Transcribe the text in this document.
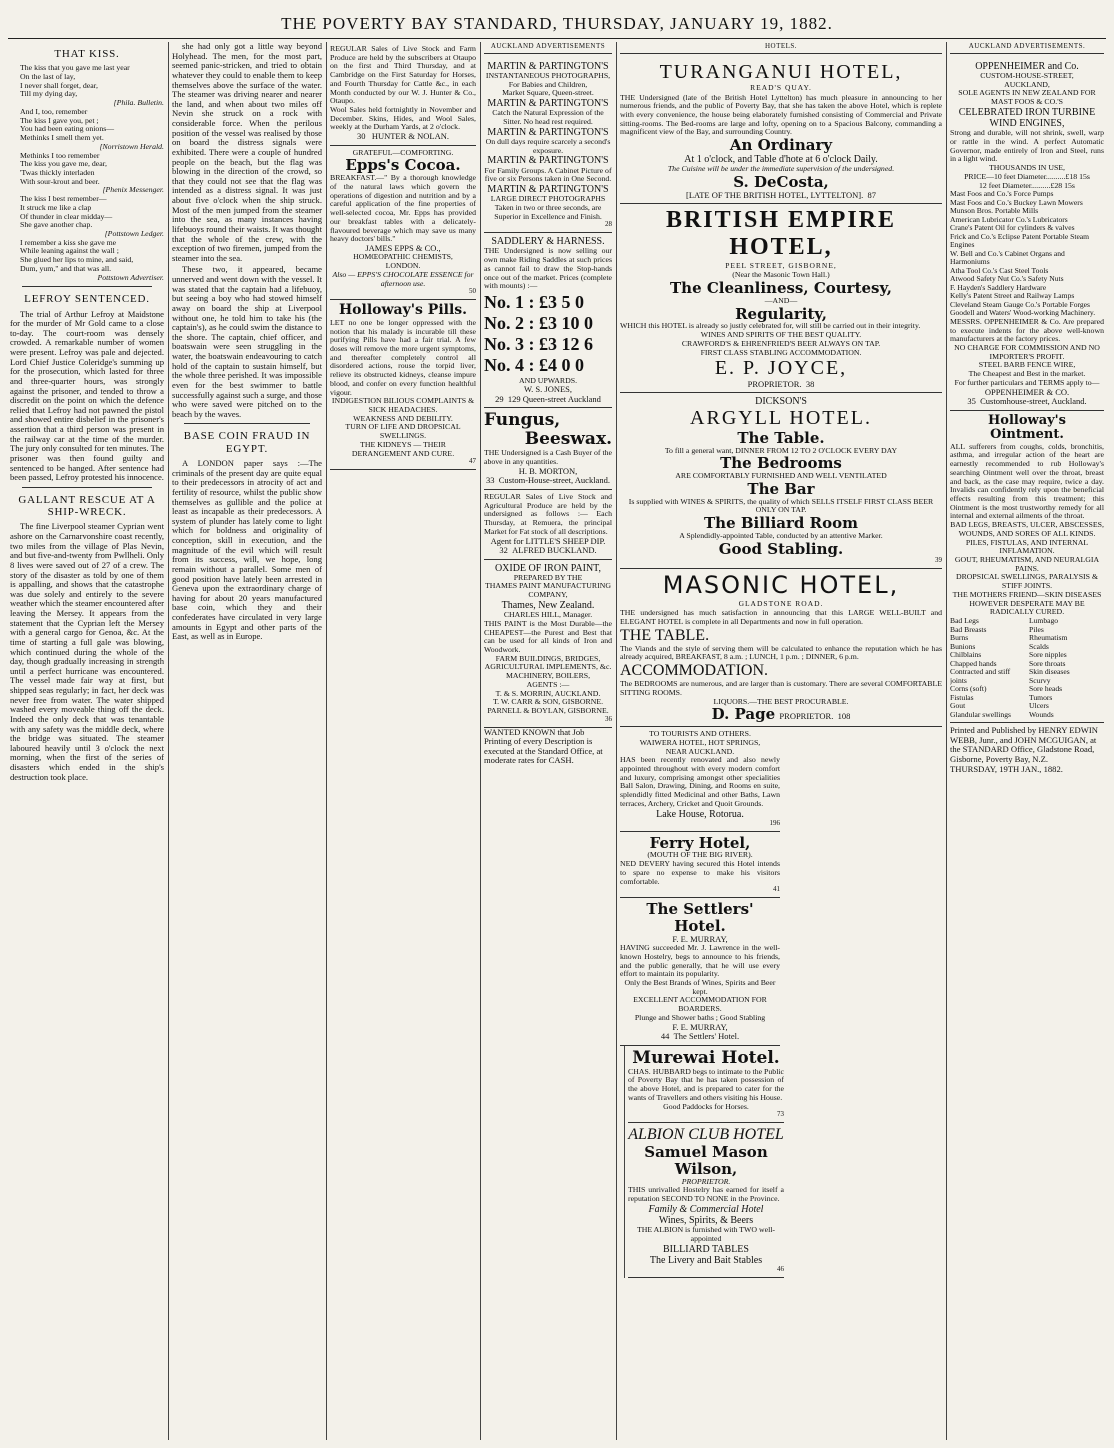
THE POVERTY BAY STANDARD, THURSDAY, JANUARY 19, 1882.
THAT KISS.
The kiss that you gave me last year
On the last of lay,
I never shall forget, dear,
Till my dying day,
[Phila. Bulletin.
And I, too, remember
The kiss I gave you, pet ;
You had been eating onions—
Methinks I smell them yet.
[Norristown Herald.
Methinks I too remember
The kiss you gave me, dear,
'Twas thickly interladen
With sour-krout and beer.
[Phenix Messenger.
The kiss I best remember—
It struck me like a clap
Of thunder in clear midday—
She gave another chap.
[Pottstown Ledger.
I remember a kiss she gave me
While leaning against the wall ;
She glued her lips to mine, and said,
Dum, yum," and that was all.
Pottstown Advertiser.
LEFROY SENTENCED.
The trial of Arthur Lefroy at Maidstone for the murder of Mr Gold came to a close to-day. The court-room was densely crowded. A remarkable number of women were present. Lefroy was pale and dejected. Lord Chief Justice Coleridge's summing up for the prosecution, which lasted for three and three-quarter hours, was strongly against the prisoner, and tended to throw a discredit on the point on which the defence relied that Lefroy had not pawned the pistol and showed entire disbelief in the prisoner's assertion that a third person was present in the railway car at the time of the murder. The jury only consulted for ten minutes. The prisoner was then found guilty and sentenced to be hanged. After sentence had been passed, Lefroy protested his innocence.
GALLANT RESCUE AT A SHIP-WRECK.
The fine Liverpool steamer Cyprian went ashore on the Carnarvonshire coast recently, two miles from the village of Plas Nevin, and but five-and-twenty from Pwllheli. Only 8 lives were saved out of 27 of a crew. The story of the disaster as told by one of them is appalling, and shows that the catastrophe was due solely and entirely to the severe weather which the steamer encountered after leaving the Mersey. It appears from the statement that the Cyprian left the Mersey with a general cargo for Genoa, &c. At the time of starting a full gale was blowing, which continued during the whole of the day, though gradually increasing in strength until a perfect hurricane was encountered. The vessel made fair way at first, but shipped seas regularly; in fact, her deck was never free from water. The water shipped washed every moveable thing off the deck. Indeed the only deck that was tenantable with any safety was the middle deck, where the bridge was situated. The steamer laboured heavily until 3 o'clock the next morning, when the first of the series of disasters which ended in the ship's destruction took place.
she had only got a little way beyond Holyhead. The men, for the most part, seemed panic-stricken, and tried to obtain whatever they could to enable them to keep themselves above the surface of the water. The steamer was driving nearer and nearer the land, and when about two miles off Nevin she struck on a rock with considerable force. When the perilous position of the vessel was realised by those on board the distress signals were exhibited. There were a couple of hundred people on the beach, but the flag was blowing in the direction of the crowd, so that they could not see that the flag was intended as a distress signal. It was just about five o'clock when the ship struck. Most of the men jumped from the steamer into the sea, as many instances having lifebuoys round their waists. It was thought that the whole of the crew, with the exception of two firemen, jumped from the steamer into the sea.
These two, it appeared, became unnerved and went down with the vessel. It was stated that the captain had a lifebuoy, but seeing a boy who had stowed himself away on board the ship at Liverpool without one, he told him to take his (the captain's), as he could swim the distance to the shore. The captain, chief officer, and boatswain were seen struggling in the water, the boatswain endeavouring to catch hold of the captain to sustain himself, but the whole three perished. It was impossible even for the best swimmer to battle successfully against such a surge, and those who were saved were pitched on to the beach by the waves.
BASE COIN FRAUD IN EGYPT.
A LONDON paper says :—The criminals of the present day are quite equal to their predecessors in atrocity of act and fertility of resource, whilst the public show themselves as gullible and the police at least as incapable as their predecessors. A system of plunder has lately come to light which for boldness and originality of conception, skill in execution, and the magnitude of the evil which will result from its success, will, we hope, long remain without a parallel. Some men of good position have lately been arrested in Geneva upon the extraordinary charge of having for about 20 years manufactured base coin, which they and their confederates have circulated in very large amounts in Egypt and other parts of the East, as well as in Europe.
REGULAR Sales of Live Stock and Farm Produce are held by the subscribers at Otaupo on the first and Third Thursday, and at Cambridge on the First Saturday for Horses, and Fourth Thursday for Cattle &c., in each Month conducted by our W. J. Hunter & Co., Otaupo.
Wool Sales held fortnightly in November and December. Skins, Hides, and Wool Sales, weekly at the Durham Yards, at 2 o'clock.
30 HUNTER & NOLAN.
GRATEFUL—COMFORTING.
Epps's Cocoa.
BREAKFAST.—" By a thorough knowledge of the natural laws which govern the operations of digestion and nutrition and by a careful application of the fine properties of well-selected cocoa, Mr. Epps has provided our breakfast tables with a delicately-flavoured beverage which may save us many heavy doctors' bills."
JAMES EPPS & CO.,
HOMŒOPATHIC CHEMISTS,
LONDON.
Also — EPPS'S CHOCOLATE ESSENCE for afternoon use.
50
Holloway's Pills.
LET no one be longer oppressed with the notion that his malady is incurable till these purifying Pills have had a fair trial. A few doses will remove the more urgent symptoms, and thereafter completely control all disordered actions, rouse the torpid liver, relieve its obstructed kidneys, cleanse impure blood, and confer on every function healthful vigour.
INDIGESTION BILIOUS COMPLAINTS & SICK HEADACHES.
WEAKNESS AND DEBILITY.
TURN OF LIFE AND DROPSICAL SWELLINGS.
THE KIDNEYS — THEIR DERANGEMENT AND CURE.
47
AUCKLAND ADVERTISEMENTS
MARTIN & PARTINGTON'S
INSTANTANEOUS PHOTOGRAPHS,
For Babies and Children,
Market Square, Queen-street.
MARTIN & PARTINGTON'S
Catch the Natural Expression of the Sitter. No head rest required.
MARTIN & PARTINGTON'S
On dull days require scarcely a second's exposure.
MARTIN & PARTINGTON'S
For Family Groups. A Cabinet Picture of five or six Persons taken in One Second.
MARTIN & PARTINGTON'S
LARGE DIRECT PHOTOGRAPHS Taken in two or three seconds, are Superior in Excellence and Finish.
28
SADDLERY & HARNESS.
THE Undersigned is now selling our own make Riding Saddles at such prices as cannot fail to draw the Stop-hands once out of the market. Prices (complete with mounts) :—
No. 1 : £3 5 0
No. 2 : £3 10 0
No. 3 : £3 12 6
No. 4 : £4 0 0
AND UPWARDS.
W. S. JONES,
29 129 Queen-street Auckland
Fungus,
Beeswax.
THE Undersigned is a Cash Buyer of the above in any quantities.
H. B. MORTON,
33 Custom-House-street, Auckland.
REGULAR Sales of Live Stock and Agricultural Produce are held by the undersigned as follows :— Each Thursday, at Remuera, the principal Market for Fat stock of all descriptions.
Agent for LITTLE'S SHEEP DIP.
32 ALFRED BUCKLAND.
OXIDE OF IRON PAINT,
PREPARED BY THE
THAMES PAINT MANUFACTURING COMPANY,
Thames, New Zealand.
CHARLES HILL, Manager.
THIS PAINT is the Most Durable—the CHEAPEST—the Purest and Best that can be used for all kinds of Iron and Woodwork.
FARM BUILDINGS, BRIDGES, AGRICULTURAL IMPLEMENTS, &c. MACHINERY, BOILERS,
AGENTS :—
T. & S. MORRIN, AUCKLAND.
T. W. CARR & SON, GISBORNE.
PARNELL & BOYLAN, GISBORNE.
36
WANTED KNOWN that Job Printing of every Description is executed at the Standard Office, at moderate rates for CASH.
HOTELS.
TURANGANUI HOTEL,
READ'S QUAY.
THE Undersigned (late of the British Hotel Lyttelton) has much pleasure in announcing to her numerous friends, and the public of Poverty Bay, that she has taken the above Hotel, which is replete with every convenience, the house being elaborately furnished consisting of Commercial and Private sitting-rooms. The Bed-rooms are large and lofty, opening on to a Spacious Balcony, commanding a magnificent view of the Bay, and surrounding Country.
An Ordinary
At 1 o'clock, and Table d'hote at 6 o'clock Daily.
The Cuisine will be under the immediate supervision of the undersigned.
S. DeCosta,
[LATE OF THE BRITISH HOTEL, LYTTELTON]. 87
BRITISH EMPIRE HOTEL,
PEEL STREET, GISBORNE,
(Near the Masonic Town Hall.)
The Cleanliness, Courtesy,
—AND—
Regularity,
WHICH this HOTEL is already so justly celebrated for, will still be carried out in their integrity.
WINES AND SPIRITS OF THE BEST QUALITY.
CRAWFORD'S & EHRENFRIED'S BEER ALWAYS ON TAP.
FIRST CLASS STABLING ACCOMMODATION.
E. P. JOYCE,
PROPRIETOR. 38
DICKSON'S
ARGYLL HOTEL.
The Table.
To fill a general want, DINNER FROM 12 TO 2 O'CLOCK EVERY DAY
The Bedrooms
ARE COMFORTABLY FURNISHED AND WELL VENTILATED
The Bar
Is supplied with WINES & SPIRITS, the quality of which SELLS ITSELF FIRST CLASS BEER ONLY ON TAP.
The Billiard Room
A Splendidly-appointed Table, conducted by an attentive Marker.
Good Stabling.
39
MASONIC HOTEL,
GLADSTONE ROAD.
THE undersigned has much satisfaction in announcing that this LARGE WELL-BUILT and ELEGANT HOTEL is complete in all Departments and now in full operation.
THE TABLE.
The Viands and the style of serving them will be calculated to enhance the reputation which he has already acquired, BREAKFAST, 8 a.m. ; LUNCH, 1 p.m. ; DINNER, 6 p.m.
ACCOMMODATION.
The BEDROOMS are numerous, and are larger than is customary. There are several COMFORTABLE SITTING ROOMS.
LIQUORS.—THE BEST PROCURABLE.
D. Page PROPRIETOR. 108
TO TOURISTS AND OTHERS.
WAIWERA HOTEL, HOT SPRINGS,
NEAR AUCKLAND.
HAS been recently renovated and also newly appointed throughout with every modern comfort and luxury, comprising amongst other specialities Ball Salon, Drawing, Dining, and Rooms en suite, splendidly fitted Medicinal and other Baths, Lawn terraces, Archery, Cricket and Quoit Grounds.
Lake House, Rotorua.
196
Ferry Hotel,
(MOUTH OF THE BIG RIVER).
NED DEVERY having secured this Hotel intends to spare no expense to make his visitors comfortable.
41
The Settlers' Hotel.
F. E. MURRAY,
HAVING succeeded Mr. J. Lawrence in the well-known Hostelry, begs to announce to his friends, and the public generally, that he will use every effort to maintain its popularity.
Only the Best Brands of Wines, Spirits and Beer kept.
EXCELLENT ACCOMMODATION FOR BOARDERS.
Plunge and Shower baths ; Good Stabling
F. E. MURRAY,
44 The Settlers' Hotel.

Murewai Hotel.
CHAS. HUBBARD begs to intimate to the Public of Poverty Bay that he has taken possession of the above Hotel, and is prepared to cater for the wants of Travellers and others visiting his House.
Good Paddocks for Horses.
73
ALBION CLUB HOTEL
Samuel Mason Wilson,
PROPRIETOR.
THIS unrivalled Hostelry has earned for itself a reputation SECOND TO NONE in the Province.
Family & Commercial Hotel
Wines, Spirits, & Beers
THE ALBION is furnished with TWO well-appointed
BILLIARD TABLES
The Livery and Bait Stables
46
AUCKLAND ADVERTISEMENTS.
OPPENHEIMER and Co.
CUSTOM-HOUSE-STREET,
AUCKLAND,
SOLE AGENTS IN NEW ZEALAND FOR MAST FOOS & CO.'S
CELEBRATED IRON TURBINE
WIND ENGINES,
Strong and durable, will not shrink, swell, warp or rattle in the wind. A perfect Automatic Governor, made entirely of Iron and Steel, runs in a light wind.
THOUSANDS IN USE,
PRICE—10 feet Diameter..........£18 15s
12 feet Diameter..........£28 15s
Mast Foos and Co.'s Force Pumps
Mast Foos and Co.'s Buckey Lawn Mowers
Munson Bros. Portable Mills
American Lubricator Co.'s Lubricators
Crane's Patent Oil for cylinders & valves
Frick and Co.'s Eclipse Patent Portable Steam Engines
W. Bell and Co.'s Cabinet Organs and Harmoniums
Atha Tool Co.'s Cast Steel Tools
Atwood Safety Nut Co.'s Safety Nuts
F. Hayden's Saddlery Hardware
Kelly's Patent Street and Railway Lamps
Cleveland Steam Gauge Co.'s Portable Forges
Goodell and Waters' Wood-working Machinery.
MESSRS. OPPENHEIMER & Co. Are prepared to execute indents for the above well-known manufacturers at the factory prices.
NO CHARGE FOR COMMISSION AND NO IMPORTER'S PROFIT.
STEEL BARB FENCE WIRE,
The Cheapest and Best in the market.
For further particulars and TERMS apply to—
OPPENHEIMER & CO.
35 Customhouse-street, Auckland.
Holloway's Ointment.
ALL sufferers from coughs, colds, bronchitis, asthma, and irregular action of the heart are earnestly recommended to rub Holloway's searching Ointment well over the throat, breast and back, as the case may require, twice a day. Invalids can confidently rely upon the beneficial effects resulting from this treatment; this Ointment is the most trustworthy remedy for all internal and external ailments of the throat.
BAD LEGS, BREASTS, ULCER, ABSCESSES, WOUNDS, AND SORES OF ALL KINDS.
PILES, FISTULAS, AND INTERNAL INFLAMATION.
GOUT, RHEUMATISM, AND NEURALGIA PAINS.
DROPSICAL SWELLINGS, PARALYSIS & STIFF JOINTS.
THE MOTHERS FRIEND—SKIN DISEASES HOWEVER DESPERATE MAY BE RADICALLY CURED.
Bad Legs
Bad Breasts
Burns
Bunions
Chilblains
Chapped hands
Contracted and stiff joints
Corns (soft)
Fistulas
Gout
Glandular swellings
Lumbago
Piles
Rheumatism
Scalds
Sore nipples
Sore throats
Skin diseases
Scurvy
Sore heads
Tumors
Ulcers
Wounds
Printed and Published by HENRY EDWIN WEBB, Junr., and JOHN MCGUIGAN, at the STANDARD Office, Gladstone Road, Gisborne, Poverty Bay, N.Z.
THURSDAY, 19TH JAN., 1882.
